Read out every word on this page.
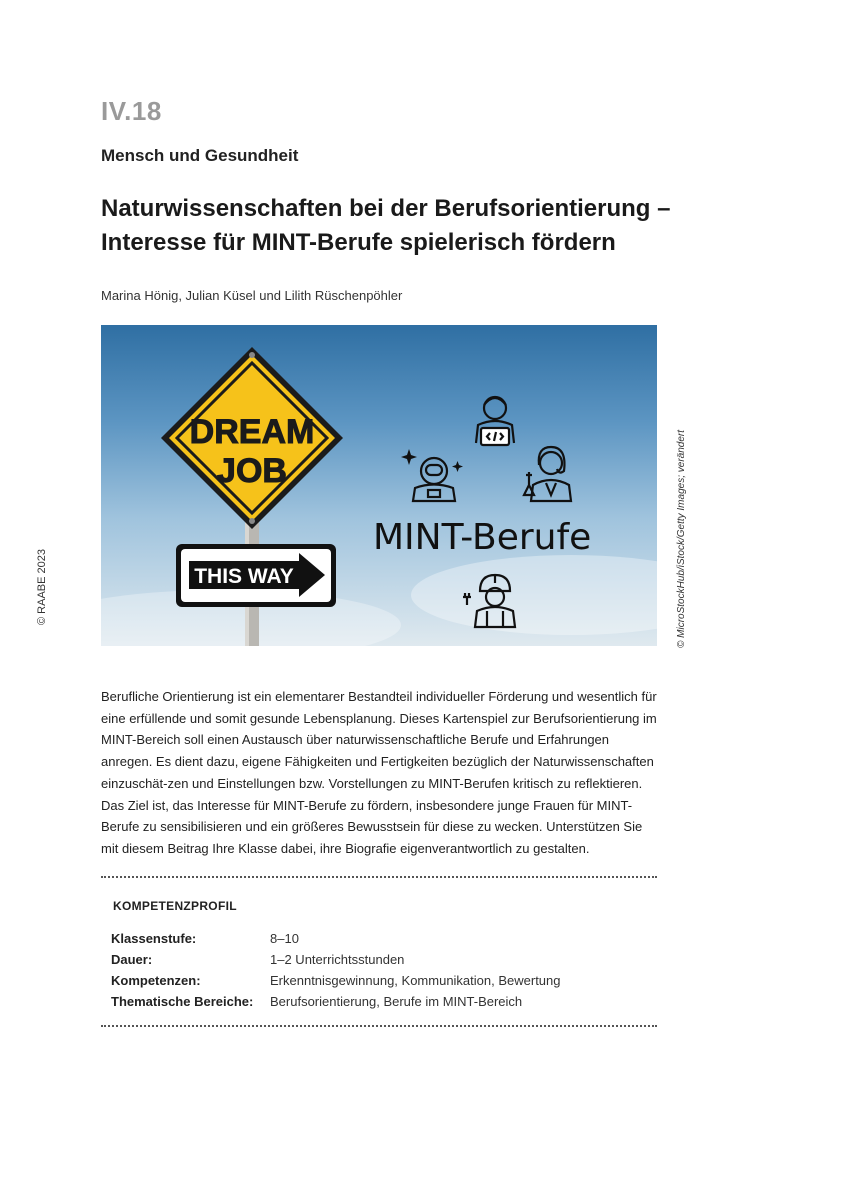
IV.18
Mensch und Gesundheit
Naturwissenschaften bei der Berufsorientierung –
Interesse für MINT-Berufe spielerisch fördern
Marina Hönig, Julian Küsel und Lilith Rüschenpöhler
© RAABE 2023
DREAM
JOB
THIS WAY
MINT-Berufe	© MicroStockHub/iStock/Getty Images; verändert
Berufliche Orientierung ist ein elementarer Bestandteil individueller Förderung und wesentlich für eine erfüllende und somit gesunde Lebensplanung. Dieses Kartenspiel zur Berufsorientierung im MINT-Bereich soll einen Austausch über naturwissenschaftliche Berufe und Erfahrungen anregen. Es dient dazu, eigene Fähigkeiten und Fertigkeiten bezüglich der Naturwissenschaften einzuschät-zen und Einstellungen bzw. Vorstellungen zu MINT-Berufen kritisch zu reflektieren. Das Ziel ist, das Interesse für MINT-Berufe zu fördern, insbesondere junge Frauen für MINT-Berufe zu sensibilisieren und ein größeres Bewusstsein für diese zu wecken. Unterstützen Sie mit diesem Beitrag Ihre Klasse dabei, ihre Biografie eigenverantwortlich zu gestalten.
KOMPETENZPROFIL
Klassenstufe:	8–10
Dauer:	1–2 Unterrichtsstunden
Kompetenzen:	Erkenntnisgewinnung, Kommunikation, Bewertung
Thematische Bereiche:	Berufsorientierung, Berufe im MINT-Bereich
